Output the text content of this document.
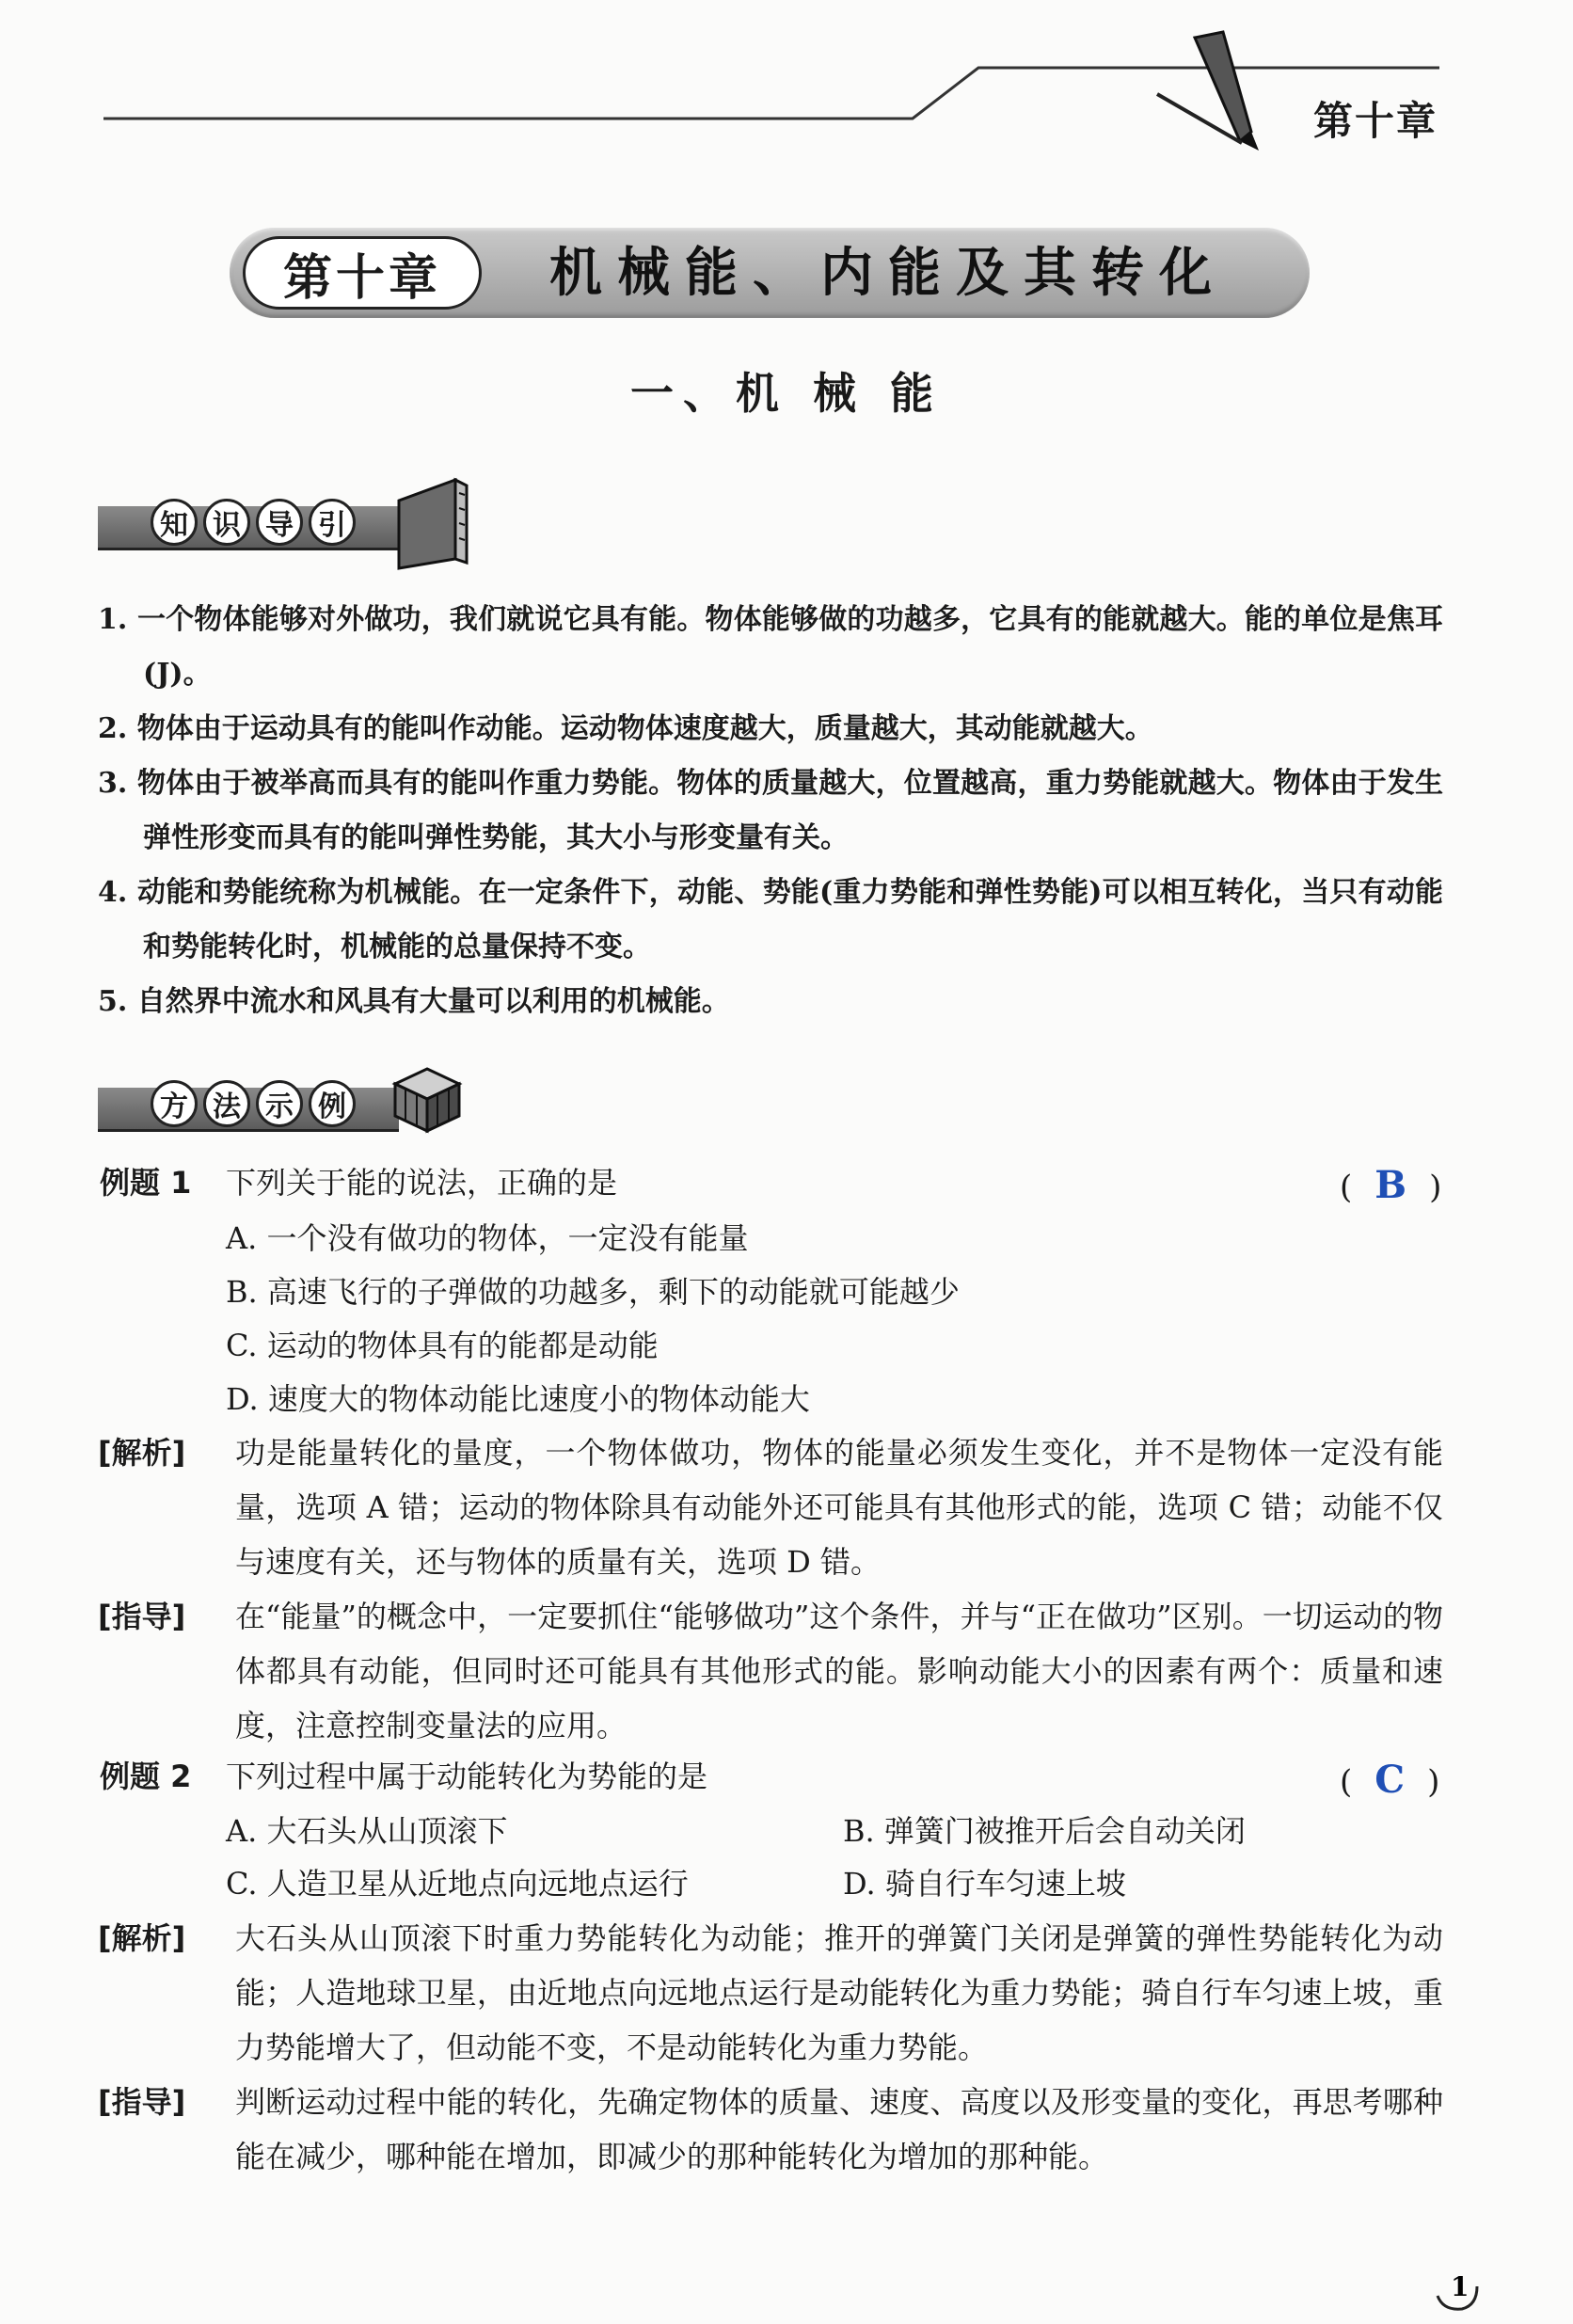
第十章
第十章	机械能、内能及其转化
一、机 械 能
知 识 导 引
1. 一个物体能够对外做功，我们就说它具有能。物体能够做的功越多，它具有的能就越大。能的单位是焦耳(J)。
2. 物体由于运动具有的能叫作动能。运动物体速度越大，质量越大，其动能就越大。
3. 物体由于被举高而具有的能叫作重力势能。物体的质量越大，位置越高，重力势能就越大。物体由于发生弹性形变而具有的能叫弹性势能，其大小与形变量有关。
4. 动能和势能统称为机械能。在一定条件下，动能、势能(重力势能和弹性势能)可以相互转化，当只有动能和势能转化时，机械能的总量保持不变。
5. 自然界中流水和风具有大量可以利用的机械能。
方 法 示 例
例题 1 下列关于能的说法，正确的是	( B )
A. 一个没有做功的物体，一定没有能量
B. 高速飞行的子弹做的功越多，剩下的动能就可能越少
C. 运动的物体具有的能都是动能
D. 速度大的物体动能比速度小的物体动能大
[解析] 功是能量转化的量度，一个物体做功，物体的能量必须发生变化，并不是物体一定没有能量，选项 A 错；运动的物体除具有动能外还可能具有其他形式的能，选项 C 错；动能不仅与速度有关，还与物体的质量有关，选项 D 错。
[指导] 在“能量”的概念中，一定要抓住“能够做功”这个条件，并与“正在做功”区别。一切运动的物体都具有动能，但同时还可能具有其他形式的能。影响动能大小的因素有两个：质量和速度，注意控制变量法的应用。
例题 2 下列过程中属于动能转化为势能的是	( C )
A. 大石头从山顶滚下	B. 弹簧门被推开后会自动关闭
C. 人造卫星从近地点向远地点运行	D. 骑自行车匀速上坡
[解析] 大石头从山顶滚下时重力势能转化为动能；推开的弹簧门关闭是弹簧的弹性势能转化为动能；人造地球卫星，由近地点向远地点运行是动能转化为重力势能；骑自行车匀速上坡，重力势能增大了，但动能不变，不是动能转化为重力势能。
[指导] 判断运动过程中能的转化，先确定物体的质量、速度、高度以及形变量的变化，再思考哪种能在减少，哪种能在增加，即减少的那种能转化为增加的那种能。
1
